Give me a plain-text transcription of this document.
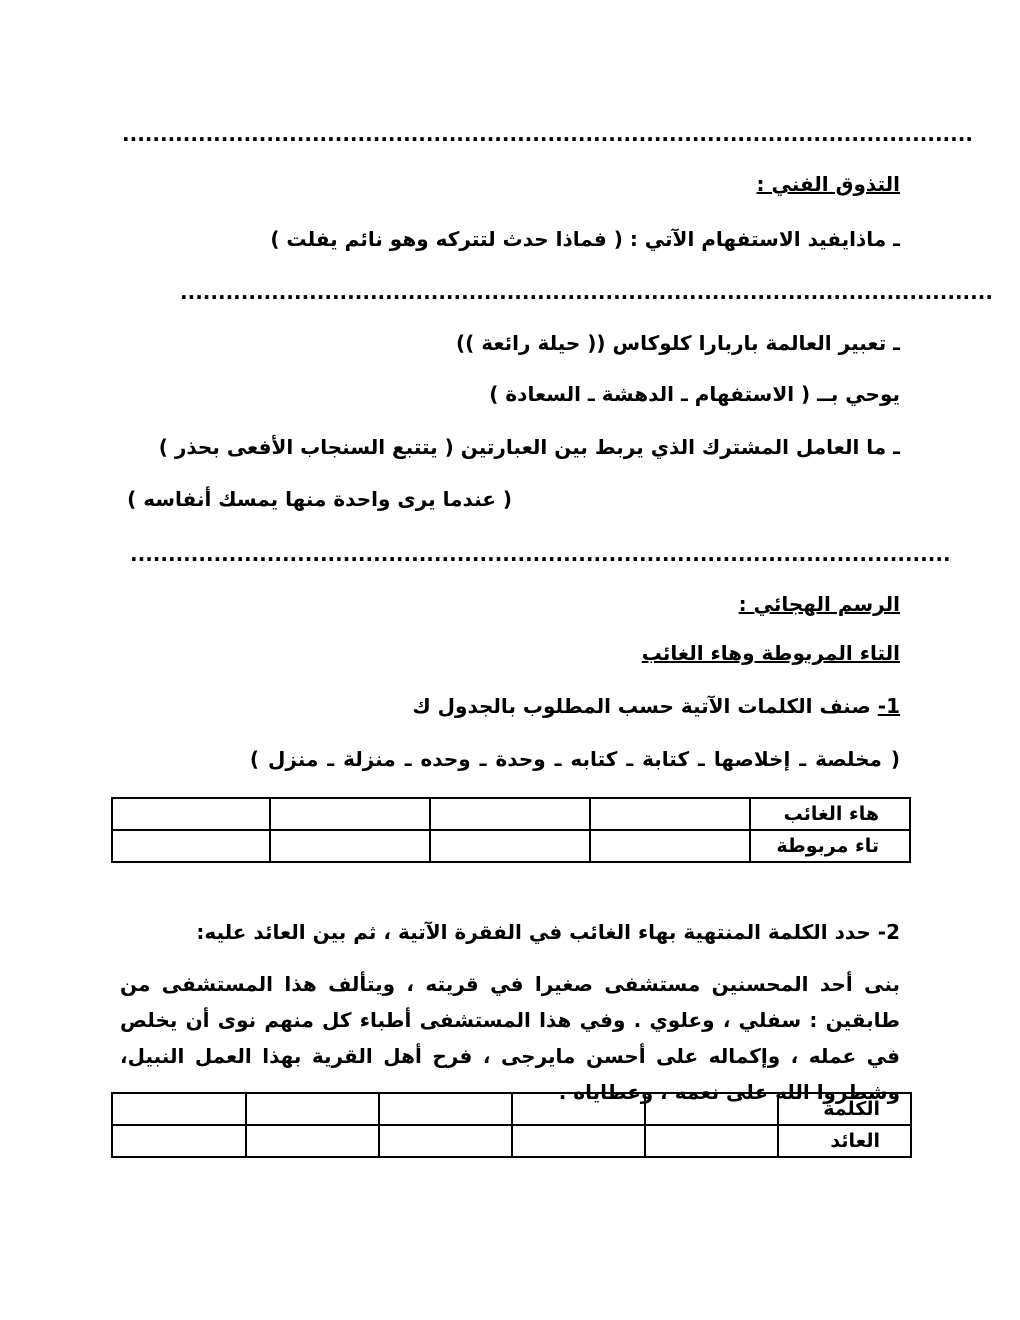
................................................................................................................
التذوق الفني :
ـ ماذايفيد الاستفهام الآتي : ( فماذا حدث لتتركه وهو نائم يفلت )
...........................................................................................................
ـ تعبير العالمة باربارا كلوكاس (( حيلة رائعة ))
يوحي بــ ( الاستفهام ـ الدهشة ـ السعادة )
ـ ما العامل المشترك الذي يربط بين العبارتين ( يتتبع السنجاب الأفعى بحذر )
( عندما يرى واحدة منها يمسك أنفاسه )
............................................................................................................
الرسم الهجائي :
التاء المربوطة وهاء الغائب
1- صنف الكلمات الآتية حسب المطلوب بالجدول ك
( مخلصة ـ إخلاصها ـ كتابة ـ كتابه ـ وحدة ـ وحده ـ منزلة ـ منزل )
هاء الغائب				
تاء مربوطة				
2- حدد الكلمة المنتهية بهاء الغائب في الفقرة الآتية ، ثم بين العائد عليه:
بنى أحد المحسنين مستشفى صغيرا في قريته ، ويتألف هذا المستشفى من طابقين : سفلي ، وعلوي . وفي هذا المستشفى أطباء كل منهم نوى أن يخلص في عمله ، وإكماله على أحسن مايرجى ، فرح أهل القرية بهذا العمل النبيل، وشطروا الله على نعمه ، وعطاياه .
الكلمة					
العائد					
